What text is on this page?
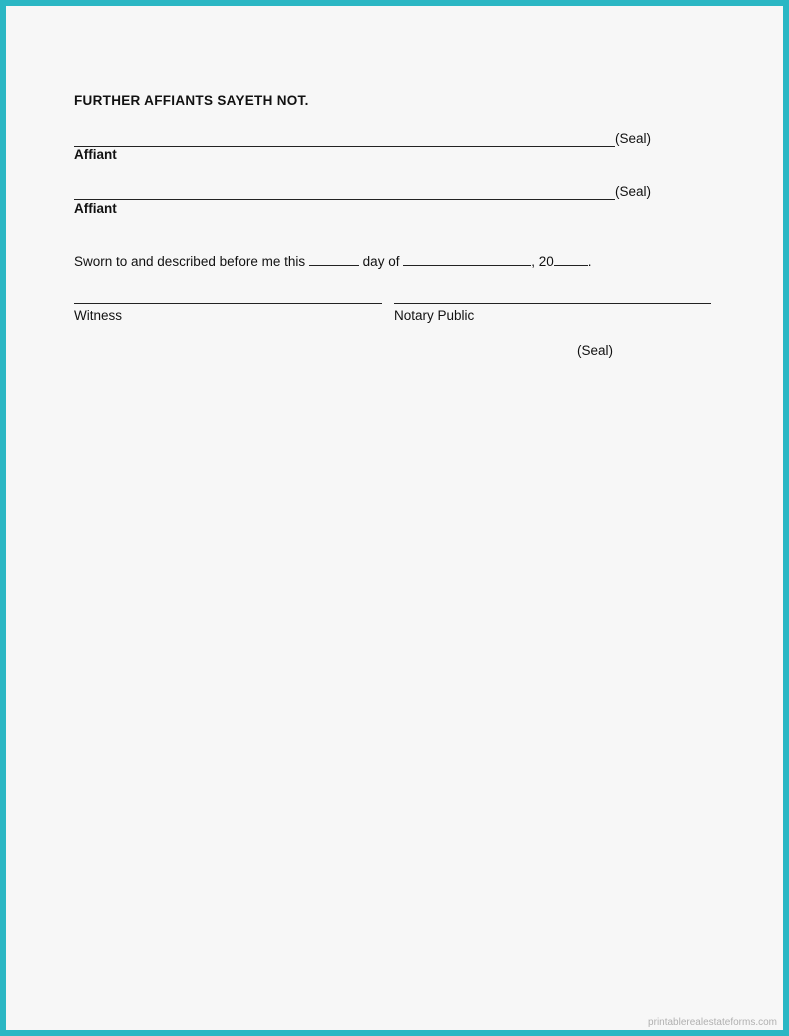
FURTHER AFFIANTS SAYETH NOT.
(Seal)
Affiant
(Seal)
Affiant
Sworn to and described before me this	day of	, 20	.
Witness	Notary Public
(Seal)
printablerealestateforms.com
